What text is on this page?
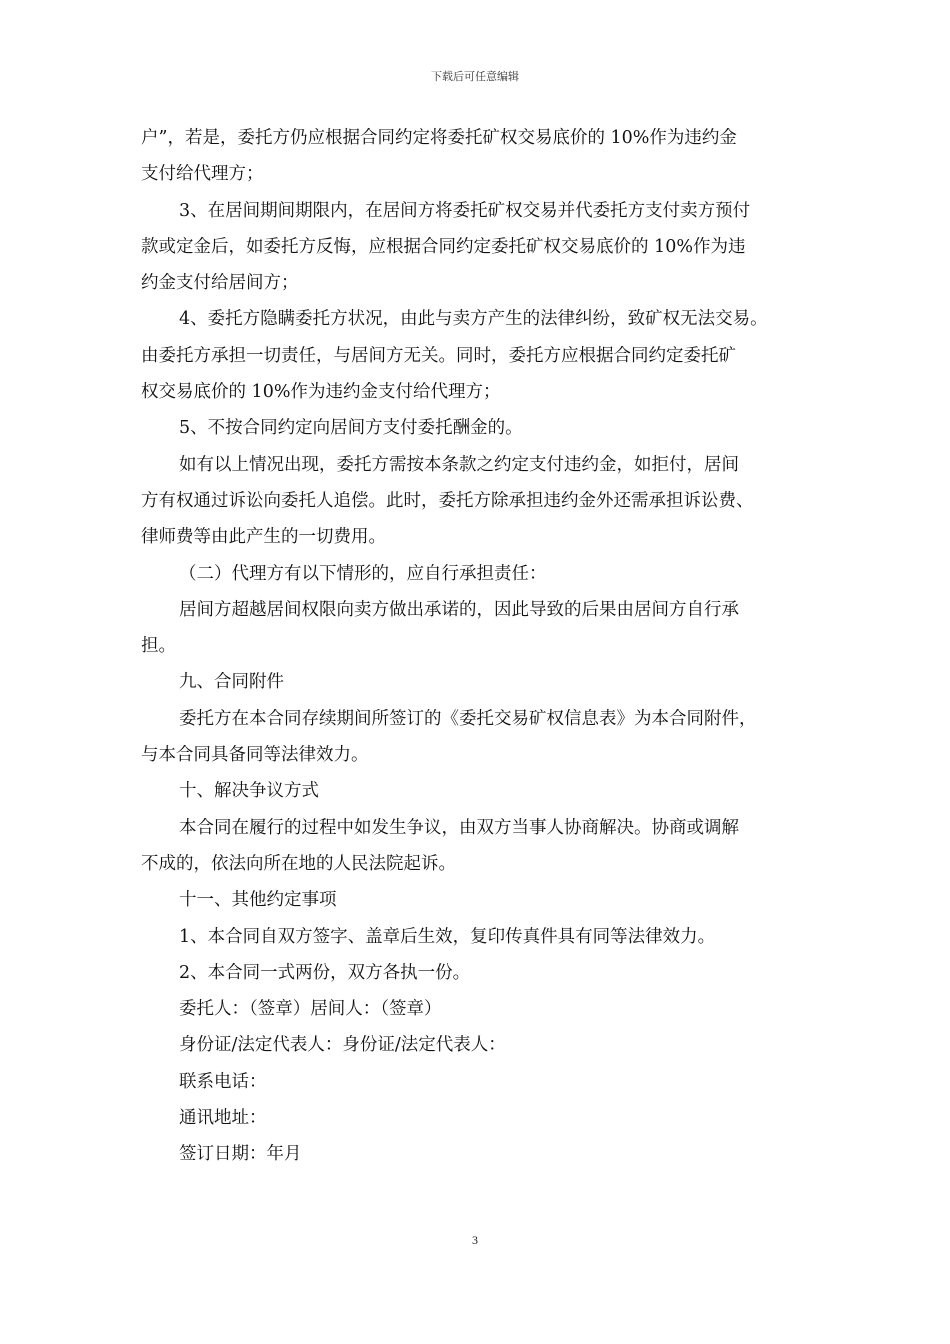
下载后可任意编辑
户”，若是，委托方仍应根据合同约定将委托矿权交易底价的 10%作为违约金
支付给代理方；
3、在居间期间期限内，在居间方将委托矿权交易并代委托方支付卖方预付
款或定金后，如委托方反悔，应根据合同约定委托矿权交易底价的 10%作为违
约金支付给居间方；
4、委托方隐瞒委托方状况，由此与卖方产生的法律纠纷，致矿权无法交易。
由委托方承担一切责任，与居间方无关。同时，委托方应根据合同约定委托矿
权交易底价的 10%作为违约金支付给代理方；
5、不按合同约定向居间方支付委托酬金的。
如有以上情况出现，委托方需按本条款之约定支付违约金，如拒付，居间
方有权通过诉讼向委托人追偿。此时，委托方除承担违约金外还需承担诉讼费、
律师费等由此产生的一切费用。
（二）代理方有以下情形的，应自行承担责任：
居间方超越居间权限向卖方做出承诺的，因此导致的后果由居间方自行承
担。
九、合同附件
委托方在本合同存续期间所签订的《委托交易矿权信息表》为本合同附件，
与本合同具备同等法律效力。
十、解决争议方式
本合同在履行的过程中如发生争议，由双方当事人协商解决。协商或调解
不成的，依法向所在地的人民法院起诉。
十一、其他约定事项
1、本合同自双方签字、盖章后生效，复印传真件具有同等法律效力。
2、本合同一式两份，双方各执一份。
委托人：（签章）居间人：（签章）
身份证/法定代表人：身份证/法定代表人：
联系电话：
通讯地址：
签订日期：年月
3
